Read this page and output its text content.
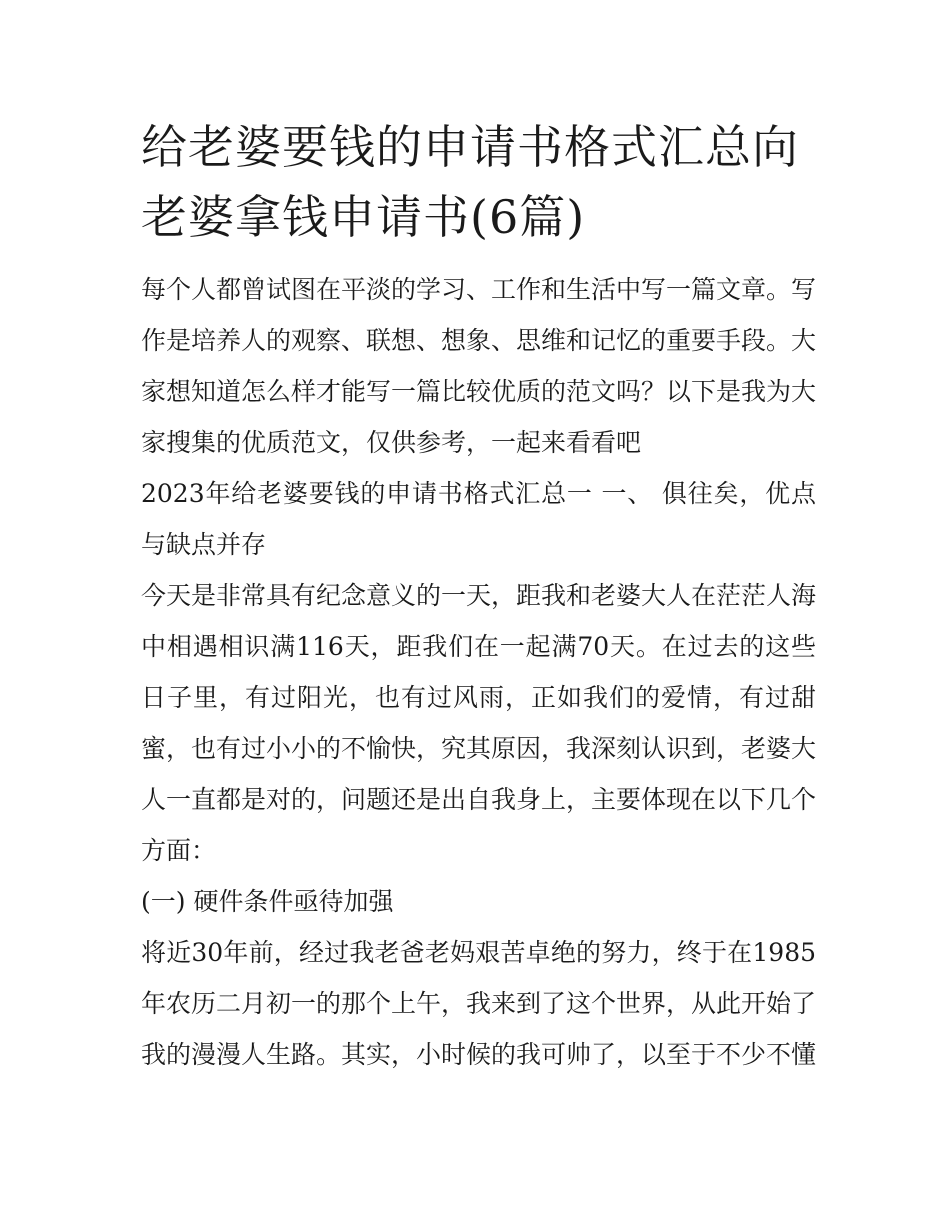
给老婆要钱的申请书格式汇总向老婆拿钱申请书(6篇)

每个人都曾试图在平淡的学习、工作和生活中写一篇文章。写作是培养人的观察、联想、想象、思维和记忆的重要手段。大家想知道怎么样才能写一篇比较优质的范文吗？以下是我为大家搜集的优质范文，仅供参考，一起来看看吧

2023年给老婆要钱的申请书格式汇总一 一、 俱往矣，优点与缺点并存

今天是非常具有纪念意义的一天，距我和老婆大人在茫茫人海中相遇相识满116天，距我们在一起满70天。在过去的这些日子里，有过阳光，也有过风雨，正如我们的爱情，有过甜蜜，也有过小小的不愉快，究其原因，我深刻认识到，老婆大人一直都是对的，问题还是出自我身上，主要体现在以下几个方面：

(一) 硬件条件亟待加强

将近30年前，经过我老爸老妈艰苦卓绝的努力，终于在1985年农历二月初一的那个上午，我来到了这个世界，从此开始了我的漫漫人生路。其实，小时候的我可帅了，以至于不少不懂
